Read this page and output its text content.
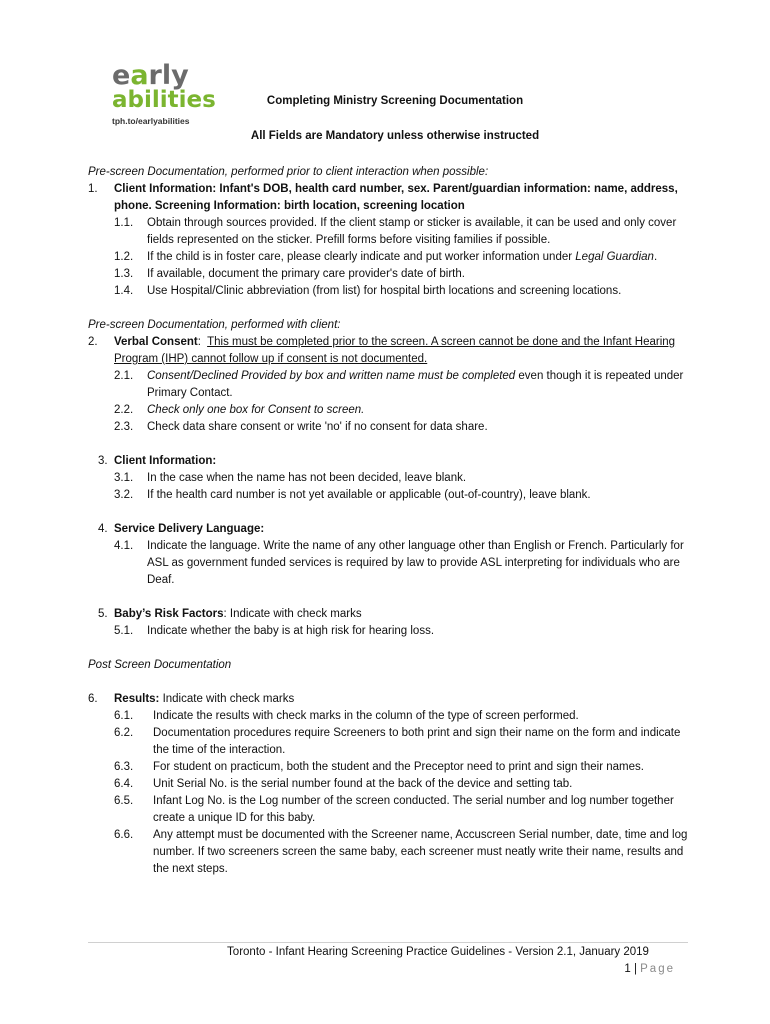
early
abilities
tph.to/earlyabilities
Completing Ministry Screening Documentation
All Fields are Mandatory unless otherwise instructed
Pre-screen Documentation, performed prior to client interaction when possible:
1. Client Information: Infant's DOB, health card number, sex. Parent/guardian information: name, address, phone. Screening Information: birth location, screening location
1.1. Obtain through sources provided. If the client stamp or sticker is available, it can be used and only cover fields represented on the sticker. Prefill forms before visiting families if possible.
1.2. If the child is in foster care, please clearly indicate and put worker information under Legal Guardian.
1.3. If available, document the primary care provider's date of birth.
1.4. Use Hospital/Clinic abbreviation (from list) for hospital birth locations and screening locations.
Pre-screen Documentation, performed with client:
2. Verbal Consent:  This must be completed prior to the screen. A screen cannot be done and the Infant Hearing Program (IHP) cannot follow up if consent is not documented.
2.1. Consent/Declined Provided by box and written name must be completed even though it is repeated under Primary Contact.
2.2. Check only one box for Consent to screen.
2.3. Check data share consent or write 'no' if no consent for data share.
3. Client Information:
3.1. In the case when the name has not been decided, leave blank.
3.2. If the health card number is not yet available or applicable (out-of-country), leave blank.
4. Service Delivery Language:
4.1. Indicate the language. Write the name of any other language other than English or French. Particularly for ASL as government funded services is required by law to provide ASL interpreting for individuals who are Deaf.
5. Baby’s Risk Factors: Indicate with check marks
5.1. Indicate whether the baby is at high risk for hearing loss.
Post Screen Documentation
6. Results: Indicate with check marks
6.1. Indicate the results with check marks in the column of the type of screen performed.
6.2. Documentation procedures require Screeners to both print and sign their name on the form and indicate the time of the interaction.
6.3. For student on practicum, both the student and the Preceptor need to print and sign their names.
6.4. Unit Serial No. is the serial number found at the back of the device and setting tab.
6.5. Infant Log No. is the Log number of the screen conducted. The serial number and log number together create a unique ID for this baby.
6.6. Any attempt must be documented with the Screener name, Accuscreen Serial number, date, time and log number. If two screeners screen the same baby, each screener must neatly write their name, results and the next steps.
Toronto - Infant Hearing Screening Practice Guidelines - Version 2.1, January 2019
1 | Page
